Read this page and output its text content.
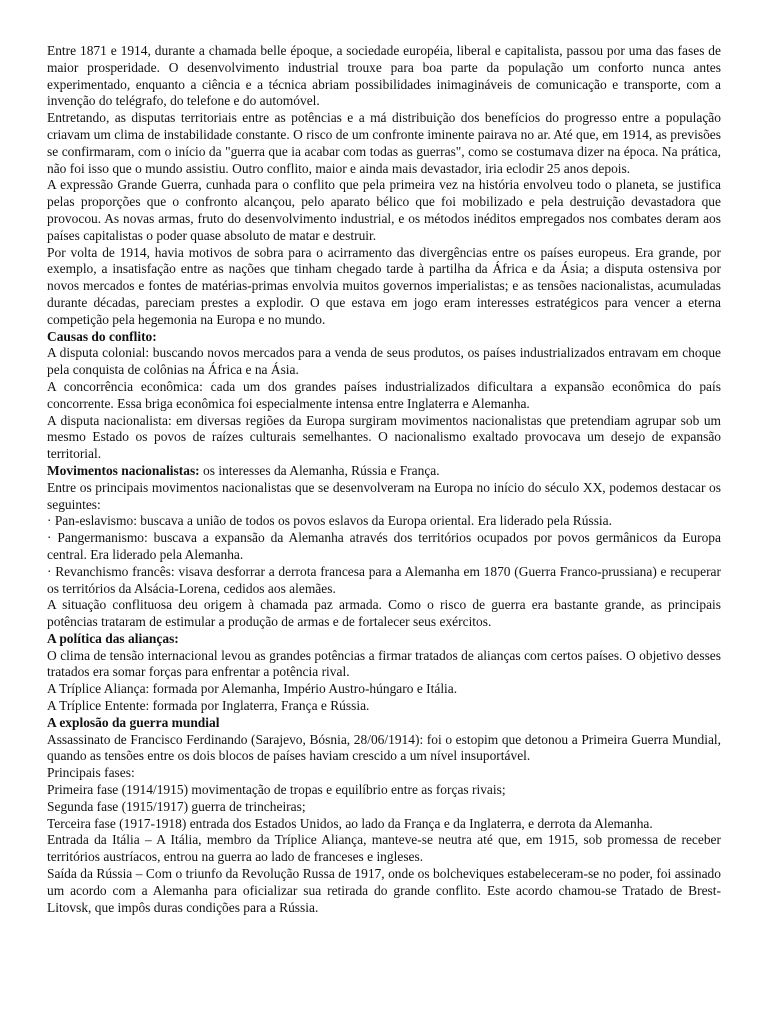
Entre 1871 e 1914, durante a chamada belle époque, a sociedade européia, liberal e capitalista, passou por uma das fases de maior prosperidade. O desenvolvimento industrial trouxe para boa parte da população um conforto nunca antes experimentado, enquanto a ciência e a técnica abriam possibilidades inimagináveis de comunicação e transporte, com a invenção do telégrafo, do telefone e do automóvel.

Entretando, as disputas territoriais entre as potências e a má distribuição dos benefícios do progresso entre a população criavam um clima de instabilidade constante. O risco de um confronte iminente pairava no ar. Até que, em 1914, as previsões se confirmaram, com o início da "guerra que ia acabar com todas as guerras", como se costumava dizer na época. Na prática, não foi isso que o mundo assistiu. Outro conflito, maior e ainda mais devastador, iria eclodir 25 anos depois.

A expressão Grande Guerra, cunhada para o conflito que pela primeira vez na história envolveu todo o planeta, se justifica pelas proporções que o confronto alcançou, pelo aparato bélico que foi mobilizado e pela destruição devastadora que provocou. As novas armas, fruto do desenvolvimento industrial, e os métodos inéditos empregados nos combates deram aos países capitalistas o poder quase absoluto de matar e destruir.

Por volta de 1914, havia motivos de sobra para o acirramento das divergências entre os países europeus. Era grande, por exemplo, a insatisfação entre as nações que tinham chegado tarde à partilha da África e da Ásia; a disputa ostensiva por novos mercados e fontes de matérias-primas envolvia muitos governos imperialistas; e as tensões nacionalistas, acumuladas durante décadas, pareciam prestes a explodir. O que estava em jogo eram interesses estratégicos para vencer a eterna competição pela hegemonia na Europa e no mundo.

Causas do conflito:

A disputa colonial: buscando novos mercados para a venda de seus produtos, os países industrializados entravam em choque pela conquista de colônias na África e na Ásia.

A concorrência econômica: cada um dos grandes países industrializados dificultara a expansão econômica do país concorrente. Essa briga econômica foi especialmente intensa entre Inglaterra e Alemanha.

A disputa nacionalista: em diversas regiões da Europa surgiram movimentos nacionalistas que pretendiam agrupar sob um mesmo Estado os povos de raízes culturais semelhantes. O nacionalismo exaltado provocava um desejo de expansão territorial.

Movimentos nacionalistas: os interesses da Alemanha, Rússia e França.

Entre os principais movimentos nacionalistas que se desenvolveram na Europa no início do século XX, podemos destacar os seguintes:

· Pan-eslavismo: buscava a união de todos os povos eslavos da Europa oriental. Era liderado pela Rússia.

· Pangermanismo: buscava a expansão da Alemanha através dos territórios ocupados por povos germânicos da Europa central. Era liderado pela Alemanha.

· Revanchismo francês: visava desforrar a derrota francesa para a Alemanha em 1870 (Guerra Franco-prussiana) e recuperar os territórios da Alsácia-Lorena, cedidos aos alemães.

A situação conflituosa deu origem à chamada paz armada. Como o risco de guerra era bastante grande, as principais potências trataram de estimular a produção de armas e de fortalecer seus exércitos.

A política das alianças:

O clima de tensão internacional levou as grandes potências a firmar tratados de alianças com certos países. O objetivo desses tratados era somar forças para enfrentar a potência rival.

A Tríplice Aliança: formada por Alemanha, Império Austro-húngaro e Itália.

A Tríplice Entente: formada por Inglaterra, França e Rússia.

A explosão da guerra mundial

Assassinato de Francisco Ferdinando (Sarajevo, Bósnia, 28/06/1914): foi o estopim que detonou a Primeira Guerra Mundial, quando as tensões entre os dois blocos de países haviam crescido a um nível insuportável.

Principais fases:

Primeira fase (1914/1915) movimentação de tropas e equilíbrio entre as forças rivais;

Segunda fase (1915/1917) guerra de trincheiras;

Terceira fase (1917-1918) entrada dos Estados Unidos, ao lado da França e da Inglaterra, e derrota da Alemanha.

Entrada da Itália – A Itália, membro da Tríplice Aliança, manteve-se neutra até que, em 1915, sob promessa de receber territórios austríacos, entrou na guerra ao lado de franceses e ingleses.

Saída da Rússia – Com o triunfo da Revolução Russa de 1917, onde os bolcheviques estabeleceram-se no poder, foi assinado um acordo com a Alemanha para oficializar sua retirada do grande conflito. Este acordo chamou-se Tratado de Brest-Litovsk, que impôs duras condições para a Rússia.
